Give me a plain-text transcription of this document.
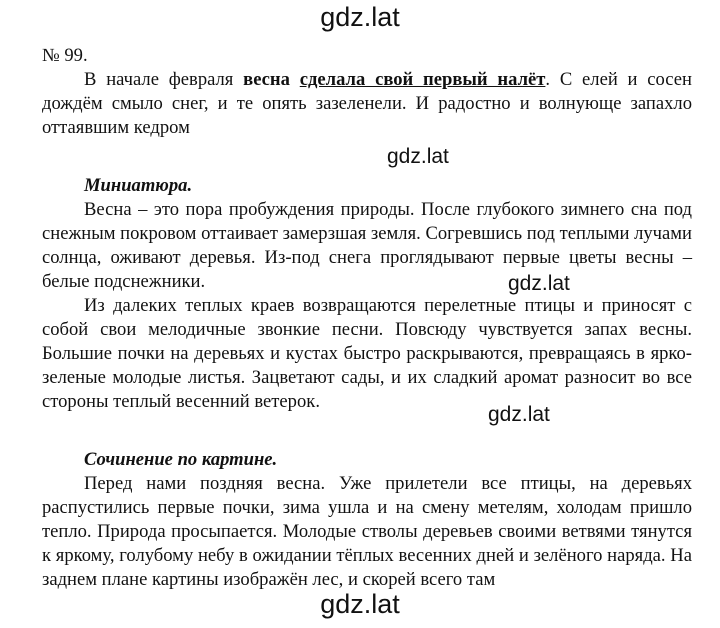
gdz.lat
№ 99.

В начале февраля весна сделала свой первый налёт. С елей и сосен дождём смыло снег, и те опять зазеленели. И радостно и волнующе запахло оттаявшим кедром

Миниатюра.

Весна – это пора пробуждения природы. После глубокого зимнего сна под снежным покровом оттаивает замерзшая земля. Согревшись под теплыми лучами солнца, оживают деревья. Из-под снега проглядывают первые цветы весны – белые подснежники.

Из далеких теплых краев возвращаются перелетные птицы и приносят с собой свои мелодичные звонкие песни. Повсюду чувствуется запах весны. Большие почки на деревьях и кустах быстро раскрываются, превращаясь в ярко-зеленые молодые листья. Зацветают сады, и их сладкий аромат разносит во все стороны теплый весенний ветерок.

Сочинение по картине.

Перед нами поздняя весна. Уже прилетели все птицы, на деревьях распустились первые почки, зима ушла и на смену метелям, холодам пришло тепло. Природа просыпается. Молодые стволы деревьев своими ветвями тянутся к яркому, голубому небу в ожидании тёплых весенних дней и зелёного наряда. На заднем плане картины изображён лес, и скорей всего там

gdz.lat
gdz.lat
gdz.lat
gdz.lat
